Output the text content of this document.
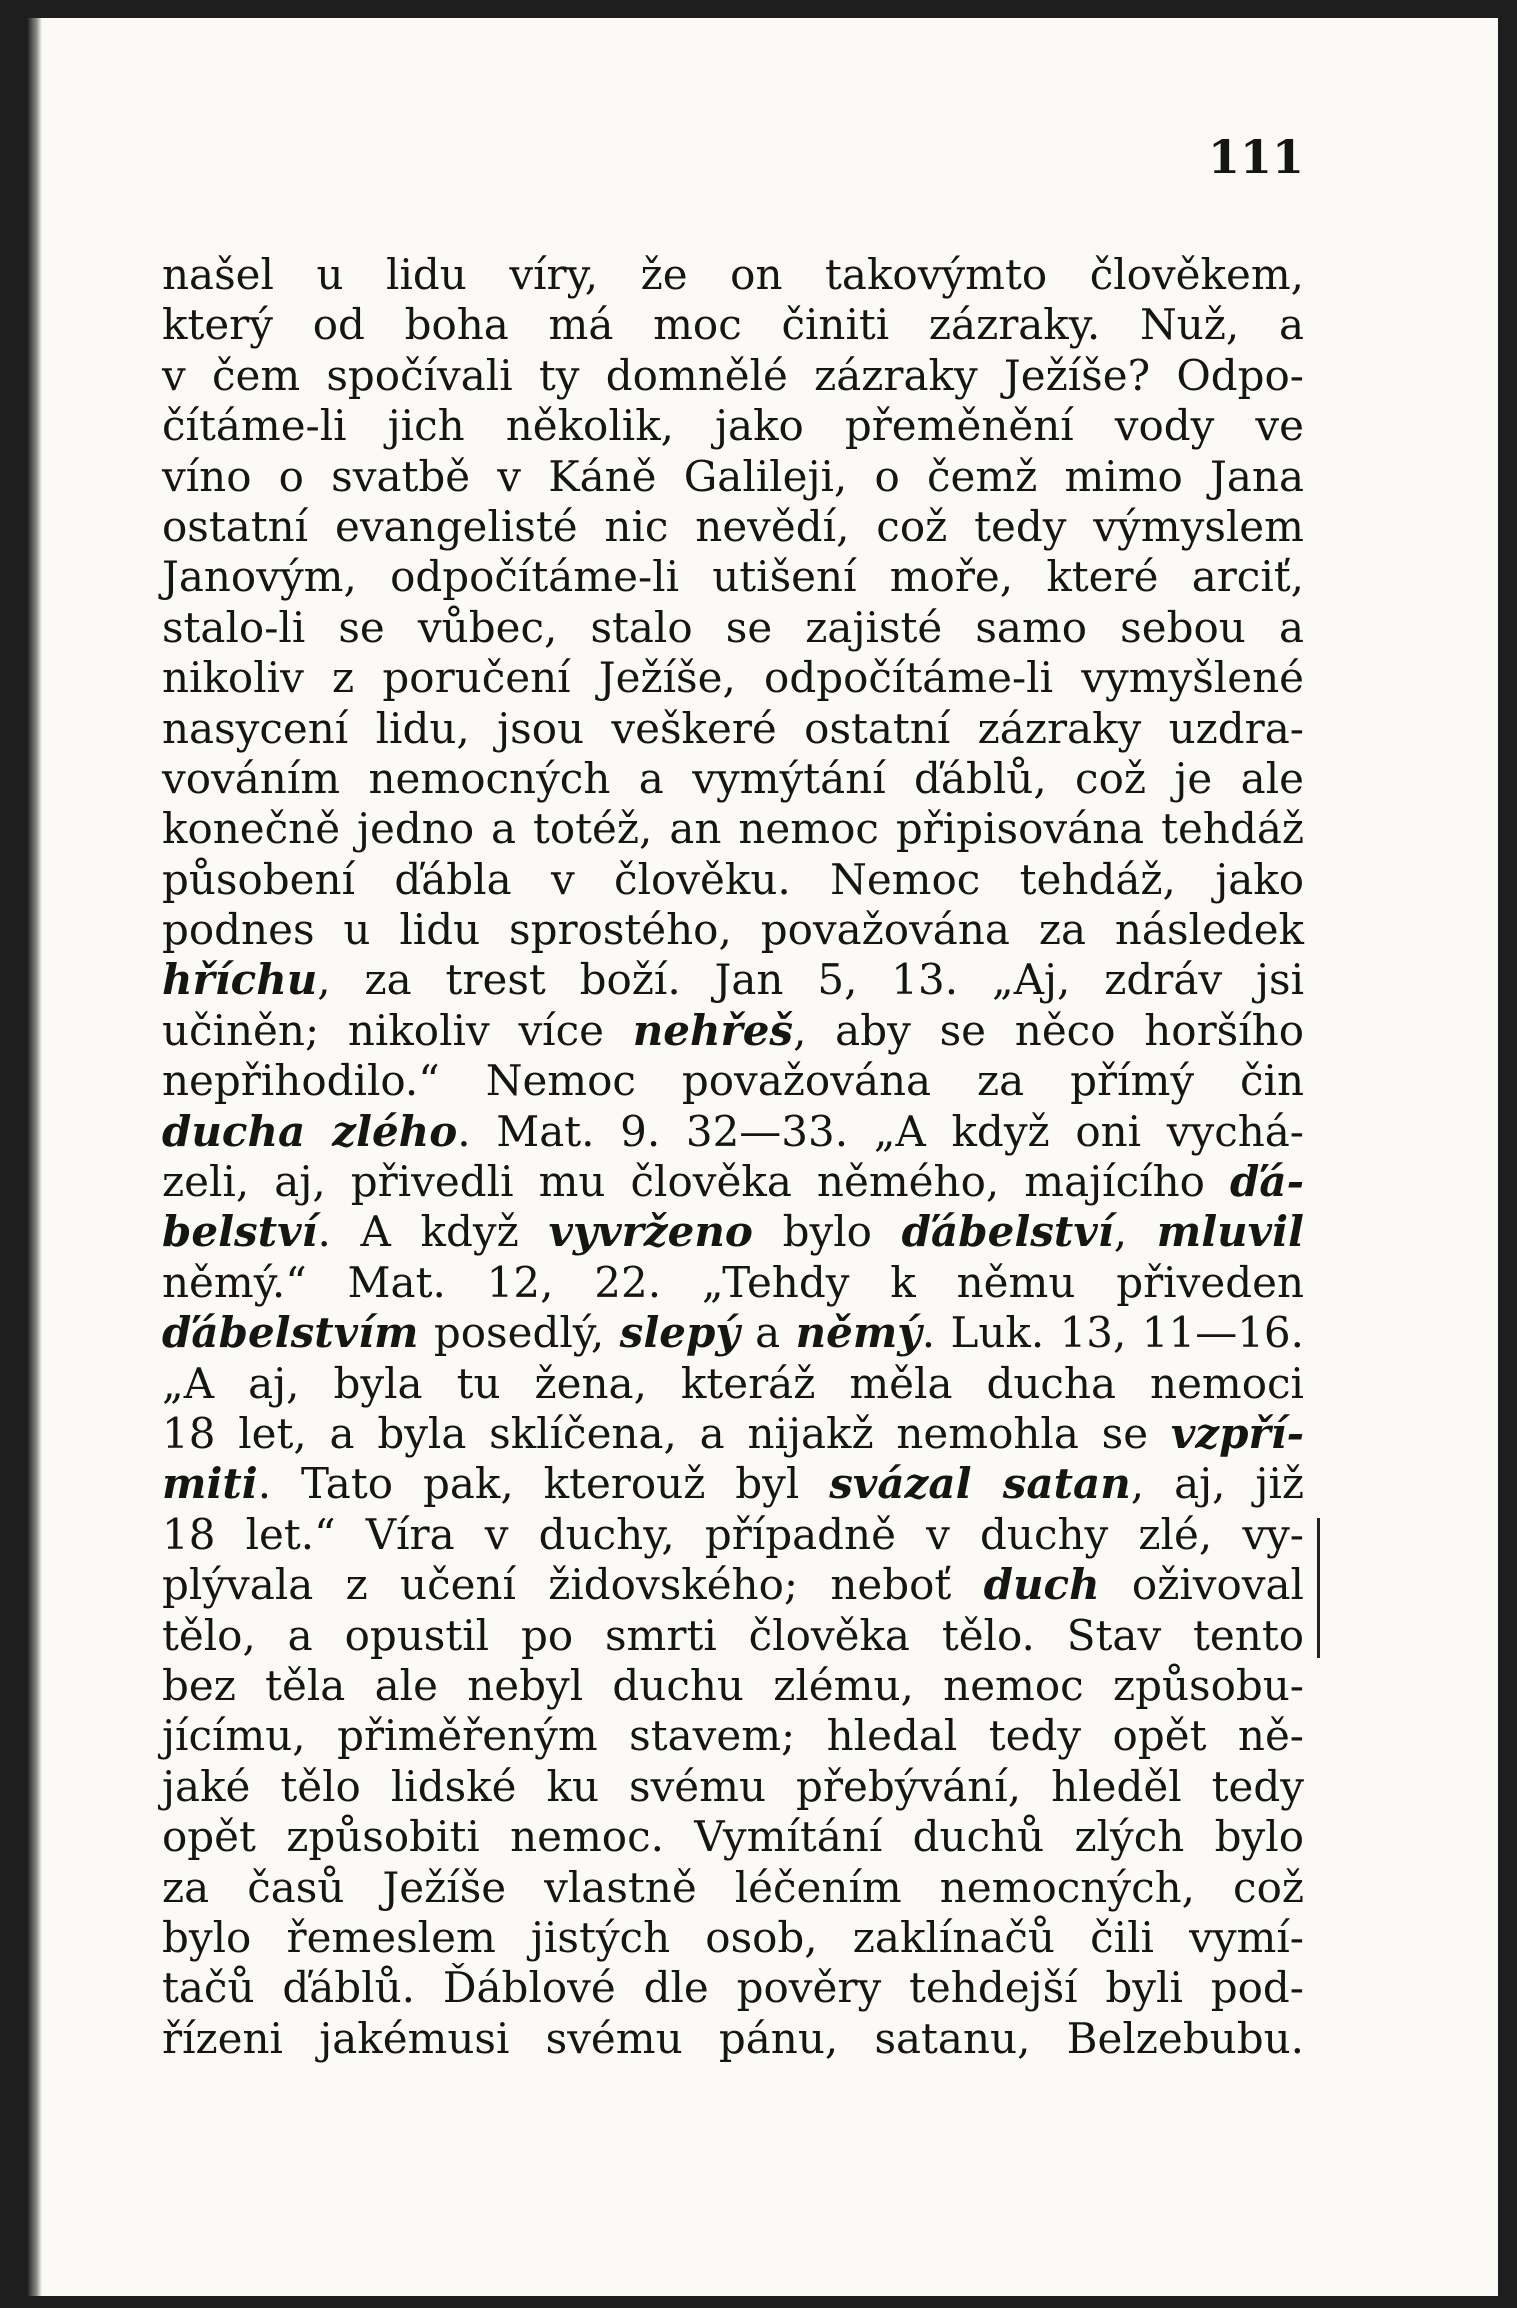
111

našel u lidu víry, že on takovýmto člověkem,
který od boha má moc činiti zázraky. Nuž, a
v čem spočívali ty domnělé zázraky Ježíše? Odpo-
čítáme-li jich několik, jako přeměnění vody ve
víno o svatbě v Káně Galileji, o čemž mimo Jana
ostatní evangelisté nic nevědí, což tedy výmyslem
Janovým, odpočítáme-li utišení moře, které arciť,
stalo-li se vůbec, stalo se zajisté samo sebou a
nikoliv z poručení Ježíše, odpočítáme-li vymyšlené
nasycení lidu, jsou veškeré ostatní zázraky uzdra-
vováním nemocných a vymýtání ďáblů, což je ale
konečně jedno a totéž, an nemoc připisována tehdáž
působení ďábla v člověku. Nemoc tehdáž, jako
podnes u lidu sprostého, považována za následek
hříchu, za trest boží. Jan 5, 13. „Aj, zdráv jsi
učiněn; nikoliv více nehřeš, aby se něco horšího
nepřihodilo.“ Nemoc považována za přímý čin
ducha zlého. Mat. 9. 32—33. „A když oni vychá-
zeli, aj, přivedli mu člověka němého, majícího ďá-
belství. A když vyvrženo bylo ďábelství, mluvil
němý.“ Mat. 12, 22. „Tehdy k němu přiveden
ďábelstvím posedlý, slepý a němý. Luk. 13, 11—16.
„A aj, byla tu žena, kteráž měla ducha nemoci
18 let, a byla sklíčena, a nijakž nemohla se vzpří-
miti. Tato pak, kterouž byl svázal satan, aj, již
18 let.“ Víra v duchy, případně v duchy zlé, vy-
plývala z učení židovského; neboť duch oživoval
tělo, a opustil po smrti člověka tělo. Stav tento
bez těla ale nebyl duchu zlému, nemoc způsobu-
jícímu, přiměřeným stavem; hledal tedy opět ně-
jaké tělo lidské ku svému přebývání, hleděl tedy
opět způsobiti nemoc. Vymítání duchů zlých bylo
za časů Ježíše vlastně léčením nemocných, což
bylo řemeslem jistých osob, zaklínačů čili vymí-
tačů ďáblů. Ďáblové dle pověry tehdejší byli pod-
řízeni jakémusi svému pánu, satanu, Belzebubu.
